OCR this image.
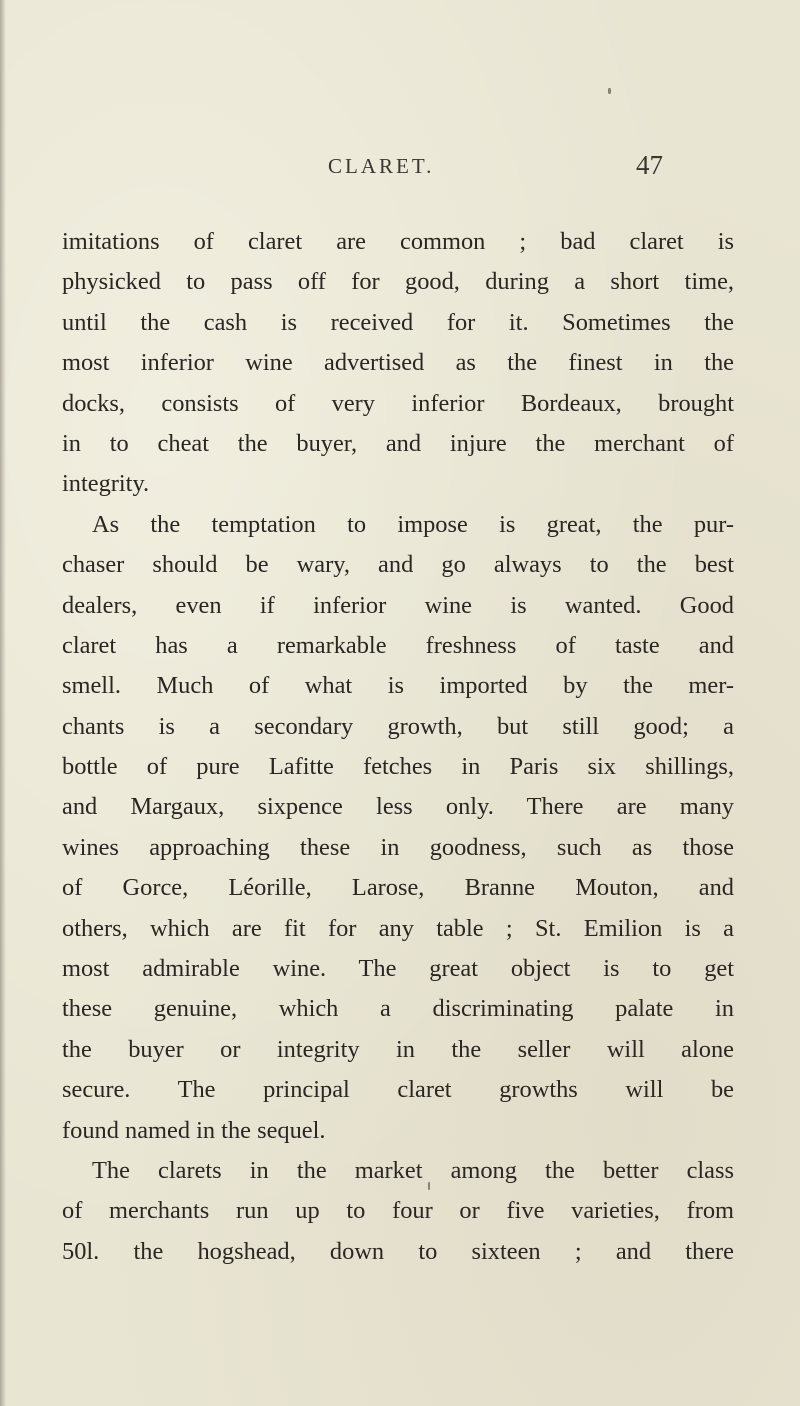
CLARET.	47
imitations of claret are common ; bad claret is
physicked to pass off for good, during a short time,
until the cash is received for it. Sometimes the
most inferior wine advertised as the finest in the
docks, consists of very inferior Bordeaux, brought
in to cheat the buyer, and injure the merchant of
integrity.
As the temptation to impose is great, the pur-
chaser should be wary, and go always to the best
dealers, even if inferior wine is wanted. Good
claret has a remarkable freshness of taste and
smell. Much of what is imported by the mer-
chants is a secondary growth, but still good; a
bottle of pure Lafitte fetches in Paris six shillings,
and Margaux, sixpence less only. There are many
wines approaching these in goodness, such as those
of Gorce, Léorille, Larose, Branne Mouton, and
others, which are fit for any table ; St. Emilion is a
most admirable wine. The great object is to get
these genuine, which a discriminating palate in
the buyer or integrity in the seller will alone
secure. The principal claret growths will be
found named in the sequel.
The clarets in the market among the better class
of merchants run up to four or five varieties, from
50l. the hogshead, down to sixteen ; and there
